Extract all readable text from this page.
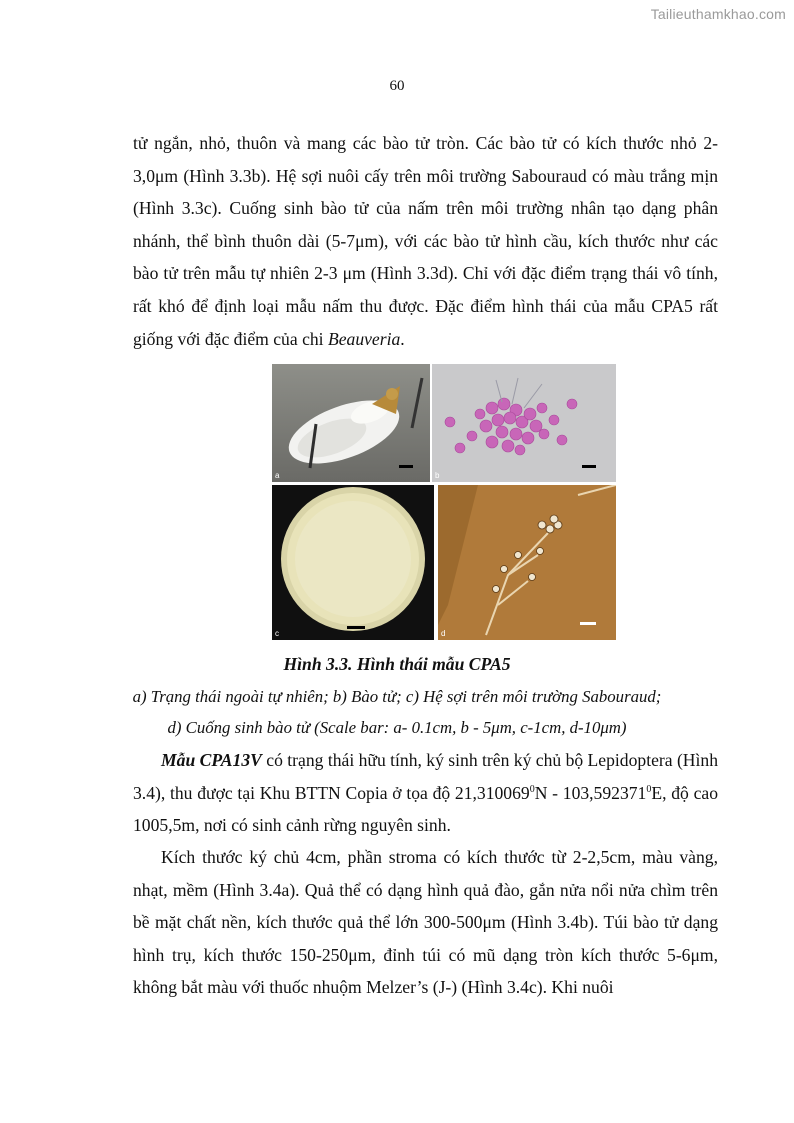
Tailieuthamkhao.com
60

tử ngắn, nhỏ, thuôn và mang các bào tử tròn. Các bào tử có kích thước nhỏ 2-3,0μm (Hình 3.3b). Hệ sợi nuôi cấy trên môi trường Sabouraud có màu trắng mịn (Hình 3.3c). Cuống sinh bào tử của nấm trên môi trường nhân tạo dạng phân nhánh, thể bình thuôn dài (5-7μm), với các bào tử hình cầu, kích thước như các bào tử trên mẫu tự nhiên 2-3 μm (Hình 3.3d). Chỉ với đặc điểm trạng thái vô tính, rất khó để định loại mẫu nấm thu được. Đặc điểm hình thái của mẫu CPA5 rất giống với đặc điểm của chi Beauveria.

a	b
c	d
Hình 3.3. Hình thái mẫu CPA5
a) Trạng thái ngoài tự nhiên; b) Bào tử; c) Hệ sợi trên môi trường Sabouraud;
d) Cuống sinh bào tử (Scale bar: a- 0.1cm, b - 5μm, c-1cm, d-10μm)

Mẫu CPA13V có trạng thái hữu tính, ký sinh trên ký chủ bộ Lepidoptera (Hình 3.4), thu được tại Khu BTTN Copia ở tọa độ 21,310069$^0$N - 103,592371$^0$E, độ cao 1005,5m, nơi có sinh cảnh rừng nguyên sinh.

Kích thước ký chủ 4cm, phần stroma có kích thước từ 2-2,5cm, màu vàng, nhạt, mềm (Hình 3.4a). Quả thể có dạng hình quả đào, gắn nửa nổi nửa chìm trên bề mặt chất nền, kích thước quả thể lớn 300-500μm (Hình 3.4b). Túi bào tử dạng hình trụ, kích thước 150-250μm, đỉnh túi có mũ dạng tròn kích thước 5-6μm, không bắt màu với thuốc nhuộm Melzer’s (J-) (Hình 3.4c). Khi nuôi
